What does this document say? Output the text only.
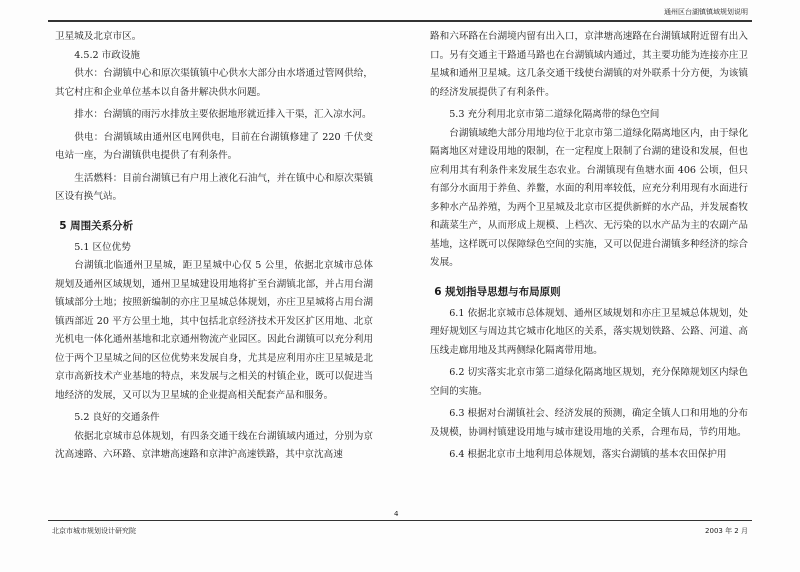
通州区台湖镇镇域规划说明

卫星城及北京市区。

4.5.2 市政设施

供水：台湖镇中心和原次渠镇镇中心供水大部分由水塔通过管网供给，其它村庄和企业单位基本以自备井解决供水问题。

排水：台湖镇的雨污水排放主要依据地形就近排入干渠，汇入凉水河。

供电：台湖镇域由通州区电网供电，目前在台湖镇修建了 220 千伏变电站一座，为台湖镇供电提供了有利条件。

生活燃料：目前台湖镇已有户用上液化石油气，并在镇中心和原次渠镇区设有换气站。

5 周围关系分析

5.1 区位优势

台湖镇北临通州卫星城，距卫星城中心仅 5 公里，依据北京城市总体规划及通州区域规划，通州卫星城建设用地将扩至台湖镇北部，并占用台湖镇域部分土地；按照新编制的亦庄卫星城总体规划，亦庄卫星城将占用台湖镇西部近 20 平方公里土地，其中包括北京经济技术开发区扩区用地、北京光机电一体化通州基地和北京通州物流产业园区。因此台湖镇可以充分利用位于两个卫星城之间的区位优势来发展自身，尤其是应利用亦庄卫星城是北京市高新技术产业基地的特点，来发展与之相关的村镇企业，既可以促进当地经济的发展，又可以为卫星城的企业提高相关配套产品和服务。

5.2 良好的交通条件

依据北京城市总体规划，有四条交通干线在台湖镇域内通过，分别为京沈高速路、六环路、京津塘高速路和京津沪高速铁路，其中京沈高速

路和六环路在台湖境内留有出入口，京津塘高速路在台湖镇域附近留有出入口。另有交通主干路通马路也在台湖镇域内通过，其主要功能为连接亦庄卫星城和通州卫星城。这几条交通干线使台湖镇的对外联系十分方便，为该镇的经济发展提供了有利条件。

5.3 充分利用北京市第二道绿化隔离带的绿色空间

台湖镇域绝大部分用地均位于北京市第二道绿化隔离地区内，由于绿化隔离地区对建设用地的限制，在一定程度上限制了台湖的建设和发展，但也应利用其有利条件来发展生态农业。台湖镇现有鱼塘水面 406 公顷，但只有部分水面用于养鱼、养鳖，水面的利用率较低，应充分利用现有水面进行多种水产品养殖，为两个卫星城及北京市区提供新鲜的水产品，并发展畜牧和蔬菜生产，从而形成上规模、上档次、无污染的以水产品为主的农副产品基地，这样既可以保障绿色空间的实施，又可以促进台湖镇多种经济的综合发展。

6 规划指导思想与布局原则

6.1 依据北京城市总体规划、通州区域规划和亦庄卫星城总体规划，处理好规划区与周边其它城市化地区的关系，落实规划铁路、公路、河道、高压线走廊用地及其两侧绿化隔离带用地。

6.2 切实落实北京市第二道绿化隔离地区规划，充分保障规划区内绿色空间的实施。

6.3 根据对台湖镇社会、经济发展的预测，确定全镇人口和用地的分布及规模，协调村镇建设用地与城市建设用地的关系，合理布局，节约用地。

6.4 根据北京市土地利用总体规划，落实台湖镇的基本农田保护用

4
北京市城市规划设计研究院	2003 年 2 月
